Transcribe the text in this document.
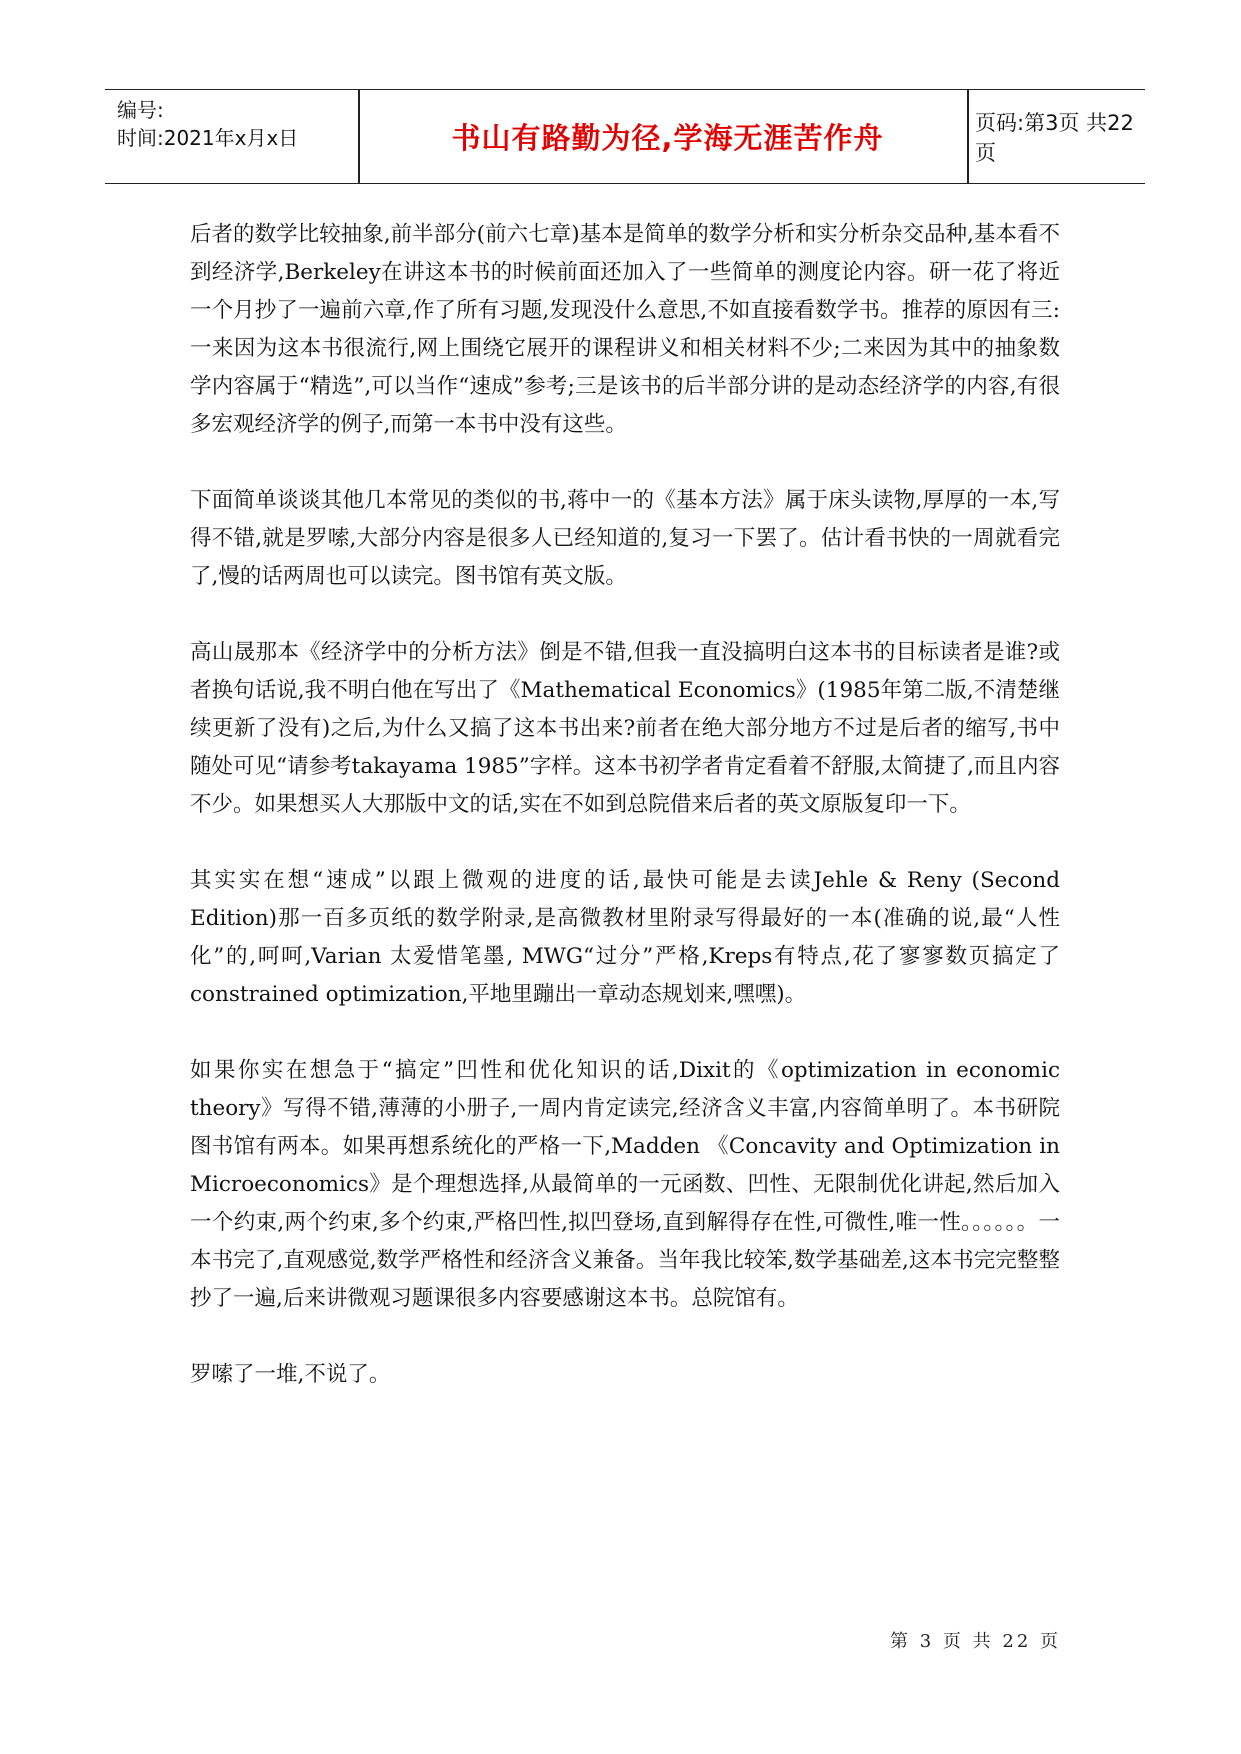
编号:
时间:2021年x月x日	书山有路勤为径,学海无涯苦作舟	页码:第3页 共22页

后者的数学比较抽象,前半部分(前六七章)基本是简单的数学分析和实分析杂交品种,基本看不到经济学,Berkeley在讲这本书的时候前面还加入了一些简单的测度论内容。研一花了将近一个月抄了一遍前六章,作了所有习题,发现没什么意思,不如直接看数学书。推荐的原因有三:一来因为这本书很流行,网上围绕它展开的课程讲义和相关材料不少;二来因为其中的抽象数学内容属于“精选”,可以当作“速成”参考;三是该书的后半部分讲的是动态经济学的内容,有很多宏观经济学的例子,而第一本书中没有这些。

下面简单谈谈其他几本常见的类似的书,蒋中一的《基本方法》属于床头读物,厚厚的一本,写得不错,就是罗嗦,大部分内容是很多人已经知道的,复习一下罢了。估计看书快的一周就看完了,慢的话两周也可以读完。图书馆有英文版。

高山晟那本《经济学中的分析方法》倒是不错,但我一直没搞明白这本书的目标读者是谁?或者换句话说,我不明白他在写出了《Mathematical Economics》(1985年第二版,不清楚继续更新了没有)之后,为什么又搞了这本书出来?前者在绝大部分地方不过是后者的缩写,书中随处可见“请参考takayama 1985”字样。这本书初学者肯定看着不舒服,太简捷了,而且内容不少。如果想买人大那版中文的话,实在不如到总院借来后者的英文原版复印一下。

其实实在想“速成”以跟上微观的进度的话,最快可能是去读Jehle & Reny (Second Edition)那一百多页纸的数学附录,是高微教材里附录写得最好的一本(准确的说,最“人性化”的,呵呵,Varian 太爱惜笔墨, MWG“过分”严格,Kreps有特点,花了寥寥数页搞定了constrained optimization,平地里蹦出一章动态规划来,嘿嘿)。

如果你实在想急于“搞定”凹性和优化知识的话,Dixit的《optimization in economic theory》写得不错,薄薄的小册子,一周内肯定读完,经济含义丰富,内容简单明了。本书研院图书馆有两本。如果再想系统化的严格一下,Madden 《Concavity and Optimization in Microeconomics》是个理想选择,从最简单的一元函数、凹性、无限制优化讲起,然后加入一个约束,两个约束,多个约束,严格凹性,拟凹登场,直到解得存在性,可微性,唯一性。。。。。。一本书完了,直观感觉,数学严格性和经济含义兼备。当年我比较笨,数学基础差,这本书完完整整抄了一遍,后来讲微观习题课很多内容要感谢这本书。总院馆有。

罗嗦了一堆,不说了。

第 3 页 共 22 页
